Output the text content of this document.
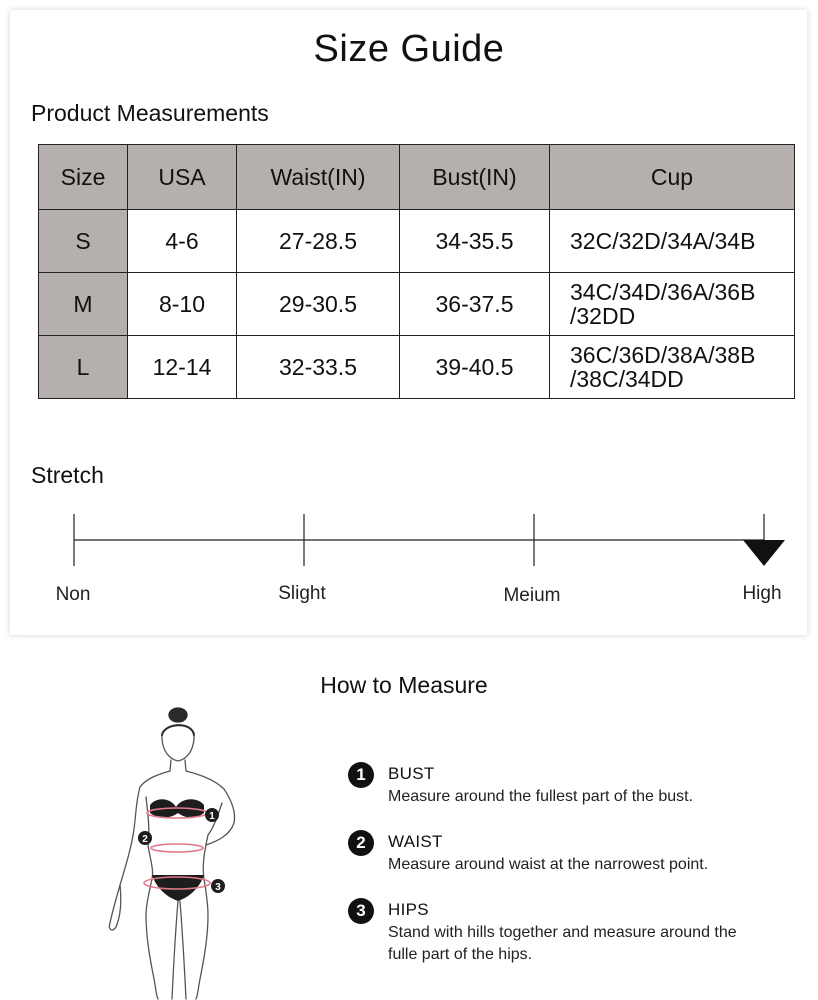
Size Guide
Product Measurements
Size	USA	Waist(IN)	Bust(IN)	Cup
S	4-6	27-28.5	34-35.5	32C/32D/34A/34B

M	8-10	29-30.5	36-37.5	34C/34D/36A/36B
/32DD

L	12-14	32-33.5	39-40.5	36C/36D/38A/38B
/38C/34DD
Stretch
Non	Slight	Meium	High
How to Measure
1
2
3
1	BUST
Measure around the fullest part of the bust.
2	WAIST
Measure around waist at the narrowest point.
3	HIPS
Stand with hills together and measure around the fulle part of the hips.
